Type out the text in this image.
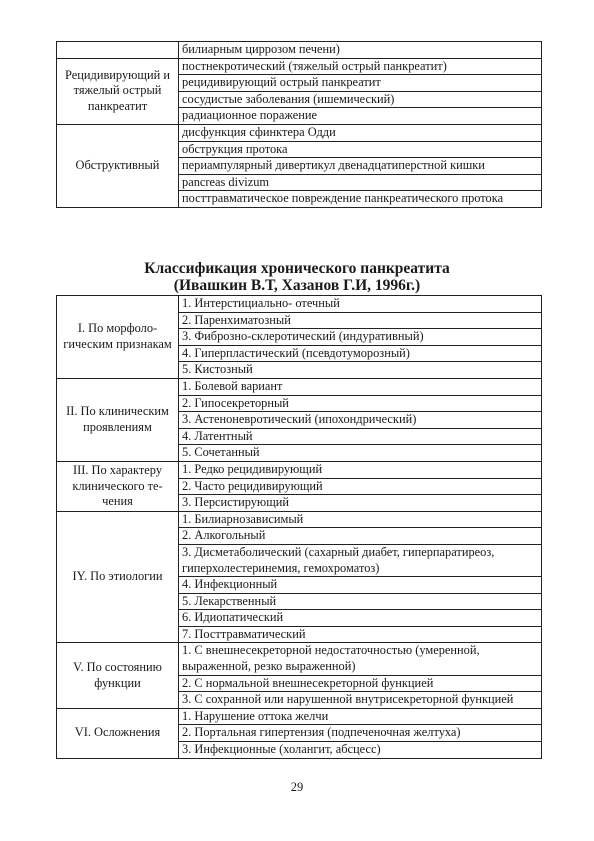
	билиарным циррозом печени)
Рецидивирующий и тяжелый острый панкреатит	постнекротический (тяжелый острый панкреатит)
	рецидивирующий острый панкреатит
	сосудистые заболевания (ишемический)
	радиационное поражение
Обструктивный	дисфункция сфинктера Одди
	обструкция протока
	периампулярный дивертикул двенадцатиперстной кишки
	pancreas divizum
	посттравматическое повреждение панкреатического протока
Классификация хронического панкреатита
(Ивашкин В.Т, Хазанов Г.И, 1996г.)
I. По морфологическим признакам	1. Интерстициально- отечный
	2. Паренхиматозный
	3. Фиброзно-склеротический (индуративный)
	4. Гиперпластический (псевдотуморозный)
	5. Кистозный
II. По клиническим проявлениям	1. Болевой вариант
	2. Гипосекреторный
	3. Астеноневротический (ипохондрический)
	4. Латентный
	5. Сочетанный
III. По характеру клинического течения	1. Редко рецидивирующий
	2. Часто рецидивирующий
	3. Персистирующий
IY. По этиологии	1. Билиарнозависимый
	2. Алкогольный
	3. Дисметаболический (сахарный диабет, гиперпаратиреоз, гиперхолестеринемия, гемохроматоз)
	4. Инфекционный
	5. Лекарственный
	6. Идиопатический
	7. Посттравматический
V. По состоянию функции	1. С внешнесекреторной недостаточностью (умеренной, выраженной, резко выраженной)
	2. С нормальной внешнесекреторной функцией
	3. С сохранной или нарушенной внутрисекреторной функцией
VI. Осложнения	1. Нарушение оттока желчи
	2. Портальная гипертензия (подпеченочная желтуха)
	3. Инфекционные (холангит, абсцесс)
29
